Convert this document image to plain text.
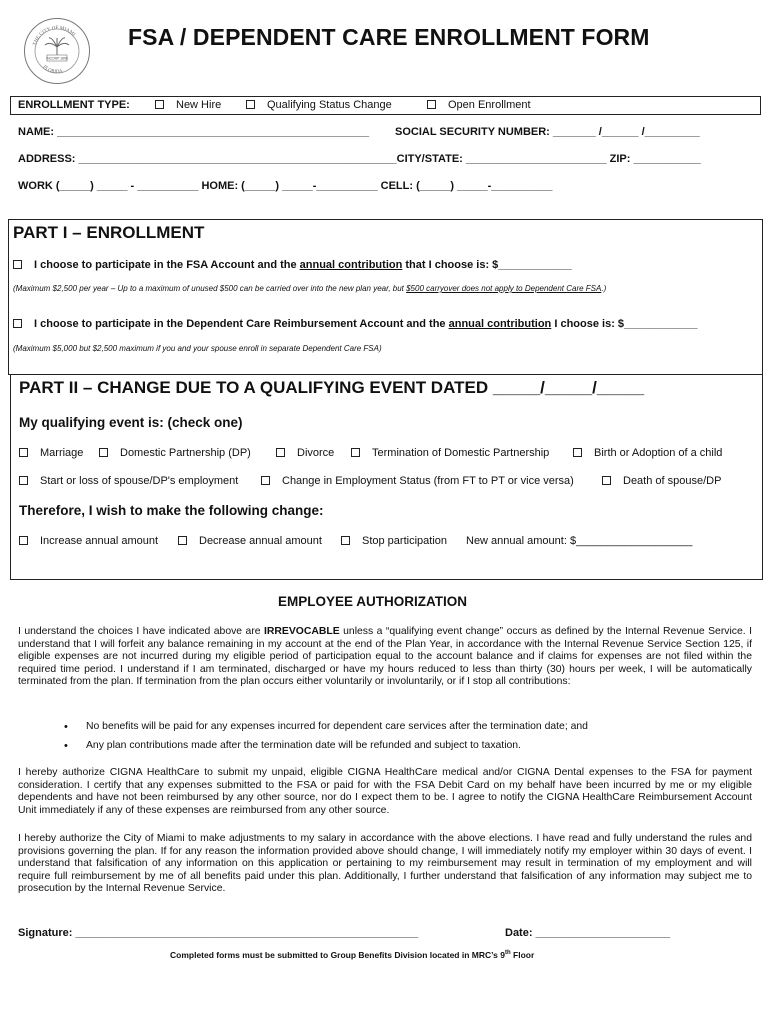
THE CITY OF MIAMI
FLORIDA
INCORP 1896
FSA / DEPENDENT CARE ENROLLMENT FORM
ENROLLMENT TYPE:	New Hire	Qualifying Status Change	Open Enrollment
NAME: ___________________________________________________ SOCIAL SECURITY NUMBER: _______ /______ /_________
ADDRESS: ____________________________________________________CITY/STATE: _______________________ ZIP: ___________
WORK (_____) _____ - __________ HOME: (_____) _____-__________ CELL: (_____) _____-__________
PART I – ENROLLMENT
I choose to participate in the FSA Account and the annual contribution that I choose is: $____________
(Maximum $2,500 per year – Up to a maximum of unused $500 can be carried over into the new plan year, but $500 carryover does not apply to Dependent Care FSA.)
I choose to participate in the Dependent Care Reimbursement Account and the annual contribution I choose is: $____________
(Maximum $5,000 but $2,500 maximum if you and your spouse enroll in separate Dependent Care FSA)
PART II – CHANGE DUE TO A QUALIFYING EVENT DATED _____/_____/_____
My qualifying event is: (check one)
Marriage	Domestic Partnership (DP)	Divorce	Termination of Domestic Partnership	Birth or Adoption of a child
Start or loss of spouse/DP's employment	Change in Employment Status (from FT to PT or vice versa)	Death of spouse/DP
Therefore, I wish to make the following change:
Increase annual amount	Decrease annual amount	Stop participation New annual amount: $___________________
EMPLOYEE AUTHORIZATION
I understand the choices I have indicated above are IRREVOCABLE unless a “qualifying event change” occurs as defined by the Internal Revenue Service. I understand that I will forfeit any balance remaining in my account at the end of the Plan Year, in accordance with the Internal Revenue Service Section 125, if eligible expenses are not incurred during my eligible period of participation equal to the account balance and if claims for expenses are not filed within the required time period. I understand if I am terminated, discharged or have my hours reduced to less than thirty (30) hours per week, I will be automatically terminated from the plan. If termination from the plan occurs either voluntarily or involuntarily, or if I stop all contributions:
• No benefits will be paid for any expenses incurred for dependent care services after the termination date; and
• Any plan contributions made after the termination date will be refunded and subject to taxation.
I hereby authorize CIGNA HealthCare to submit my unpaid, eligible CIGNA HealthCare medical and/or CIGNA Dental expenses to the FSA for payment consideration. I certify that any expenses submitted to the FSA or paid for with the FSA Debit Card on my behalf have been incurred by me or my eligible dependents and have not been reimbursed by any other source, nor do I expect them to be. I agree to notify the CIGNA HealthCare Reimbursement Account Unit immediately if any of these expenses are reimbursed from any other source.
I hereby authorize the City of Miami to make adjustments to my salary in accordance with the above elections. I have read and fully understand the rules and provisions governing the plan. If for any reason the information provided above should change, I will immediately notify my employer within 30 days of event. I understand that falsification of any information on this application or pertaining to my reimbursement may result in termination of my employment and will require full reimbursement by me of all benefits paid under this plan. Additionally, I further understand that falsification of any information may subject me to prosecution by the Internal Revenue Service.
Signature: ________________________________________________________	Date: ______________________
Completed forms must be submitted to Group Benefits Division located in MRC’s 9th Floor
